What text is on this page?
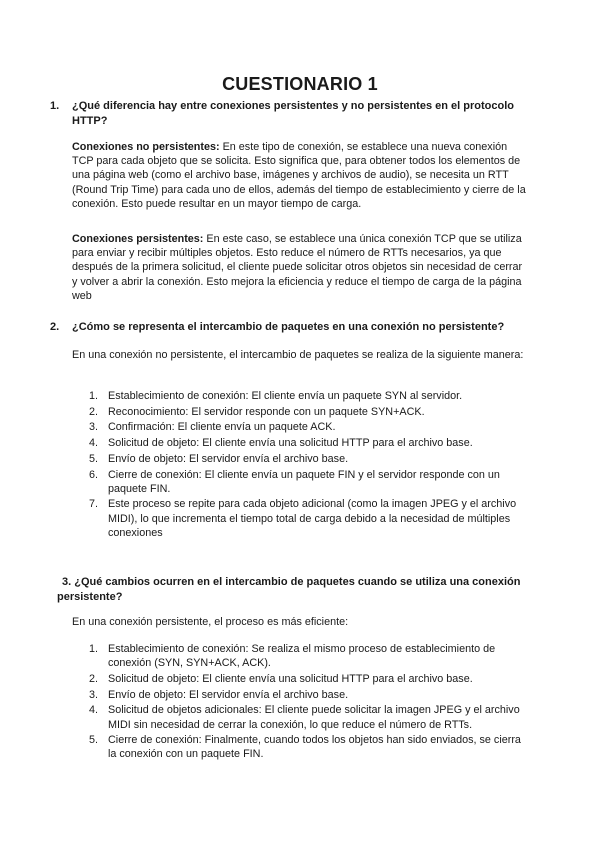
CUESTIONARIO 1
1. ¿Qué diferencia hay entre conexiones persistentes y no persistentes en el protocolo HTTP?

Conexiones no persistentes: En este tipo de conexión, se establece una nueva conexión TCP para cada objeto que se solicita. Esto significa que, para obtener todos los elementos de una página web (como el archivo base, imágenes y archivos de audio), se necesita un RTT (Round Trip Time) para cada uno de ellos, además del tiempo de establecimiento y cierre de la conexión. Esto puede resultar en un mayor tiempo de carga.

Conexiones persistentes: En este caso, se establece una única conexión TCP que se utiliza para enviar y recibir múltiples objetos. Esto reduce el número de RTTs necesarios, ya que después de la primera solicitud, el cliente puede solicitar otros objetos sin necesidad de cerrar y volver a abrir la conexión. Esto mejora la eficiencia y reduce el tiempo de carga de la página web

2. ¿Cómo se representa el intercambio de paquetes en una conexión no persistente?

En una conexión no persistente, el intercambio de paquetes se realiza de la siguiente manera:

1. Establecimiento de conexión: El cliente envía un paquete SYN al servidor.
2. Reconocimiento: El servidor responde con un paquete SYN+ACK.
3. Confirmación: El cliente envía un paquete ACK.
4. Solicitud de objeto: El cliente envía una solicitud HTTP para el archivo base.
5. Envío de objeto: El servidor envía el archivo base.
6. Cierre de conexión: El cliente envía un paquete FIN y el servidor responde con un paquete FIN.
7. Este proceso se repite para cada objeto adicional (como la imagen JPEG y el archivo MIDI), lo que incrementa el tiempo total de carga debido a la necesidad de múltiples conexiones
3. ¿Qué cambios ocurren en el intercambio de paquetes cuando se utiliza una conexión persistente?

En una conexión persistente, el proceso es más eficiente:

1. Establecimiento de conexión: Se realiza el mismo proceso de establecimiento de conexión (SYN, SYN+ACK, ACK).
2. Solicitud de objeto: El cliente envía una solicitud HTTP para el archivo base.
3. Envío de objeto: El servidor envía el archivo base.
4. Solicitud de objetos adicionales: El cliente puede solicitar la imagen JPEG y el archivo MIDI sin necesidad de cerrar la conexión, lo que reduce el número de RTTs.
5. Cierre de conexión: Finalmente, cuando todos los objetos han sido enviados, se cierra la conexión con un paquete FIN.
